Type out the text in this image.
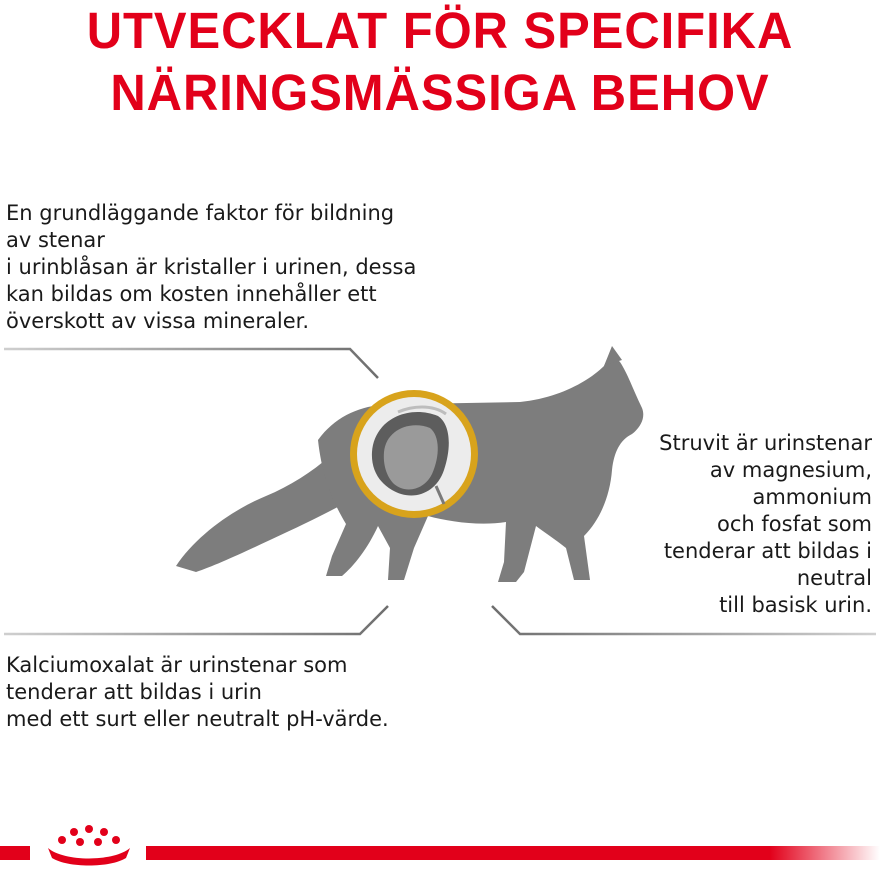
UTVECKLAT FÖR SPECIFIKA
NÄRINGSMÄSSIGA BEHOV
En grundläggande faktor för bildning
av stenar
i urinblåsan är kristaller i urinen, dessa
kan bildas om kosten innehåller ett
överskott av vissa mineraler.
Struvit är urinstenar
av magnesium,
ammonium
och fosfat som
tenderar att bildas i
neutral
till basisk urin.
Kalciumoxalat är urinstenar som
tenderar att bildas i urin
med ett surt eller neutralt pH-värde.
